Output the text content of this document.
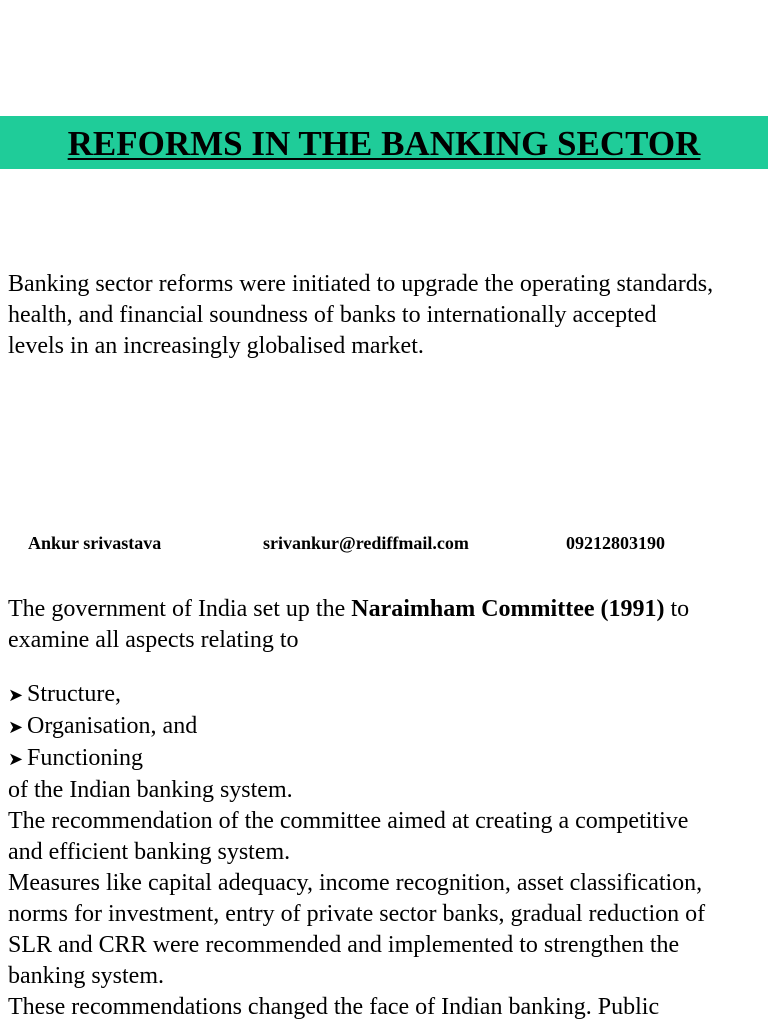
REFORMS IN THE BANKING SECTOR

Banking sector reforms were initiated to upgrade the operating standards,

health, and financial soundness of banks to internationally accepted

levels in an increasingly globalised market.

Ankur srivastava	srivankur@rediffmail.com	09212803190

The government of India set up the Naraimham Committee (1991) to

examine all aspects relating to

➤ Structure,
➤ Organisation, and
➤ Functioning

of the Indian banking system.

The recommendation of the committee aimed at creating a competitive

and efficient banking system.

Measures like capital adequacy, income recognition, asset classification,

norms for investment, entry of private sector banks, gradual reduction of

SLR and CRR were recommended and implemented to strengthen the

banking system.

These recommendations changed the face of Indian banking. Public
